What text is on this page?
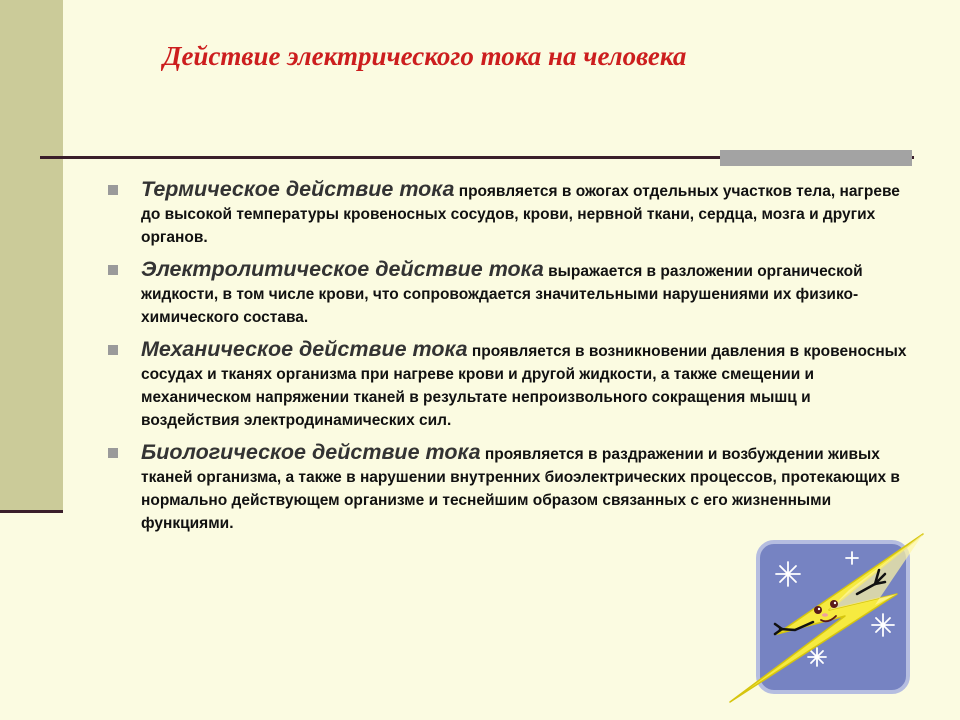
Действие электрического тока на человека
Термическое действие тока проявляется в ожогах отдельных участков тела, нагреве до высокой температуры кровеносных сосудов, крови, нервной ткани, сердца, мозга и других органов.
Электролитическое действие тока выражается в разложении органической жидкости, в том числе крови, что сопровождается значительными нарушениями их физико-химического состава.
Механическое действие тока проявляется в возникновении давления в кровеносных сосудах и тканях организма при нагреве крови и другой жидкости, а также смещении и механическом напряжении тканей в результате непроизвольного сокращения мышц и воздействия электродинамических сил.
Биологическое действие тока проявляется в раздражении и возбуждении живых тканей организма, а также в нарушении внутренних биоэлектрических процессов, протекающих в нормально действующем организме и теснейшим образом связанных с его жизненными функциями.
